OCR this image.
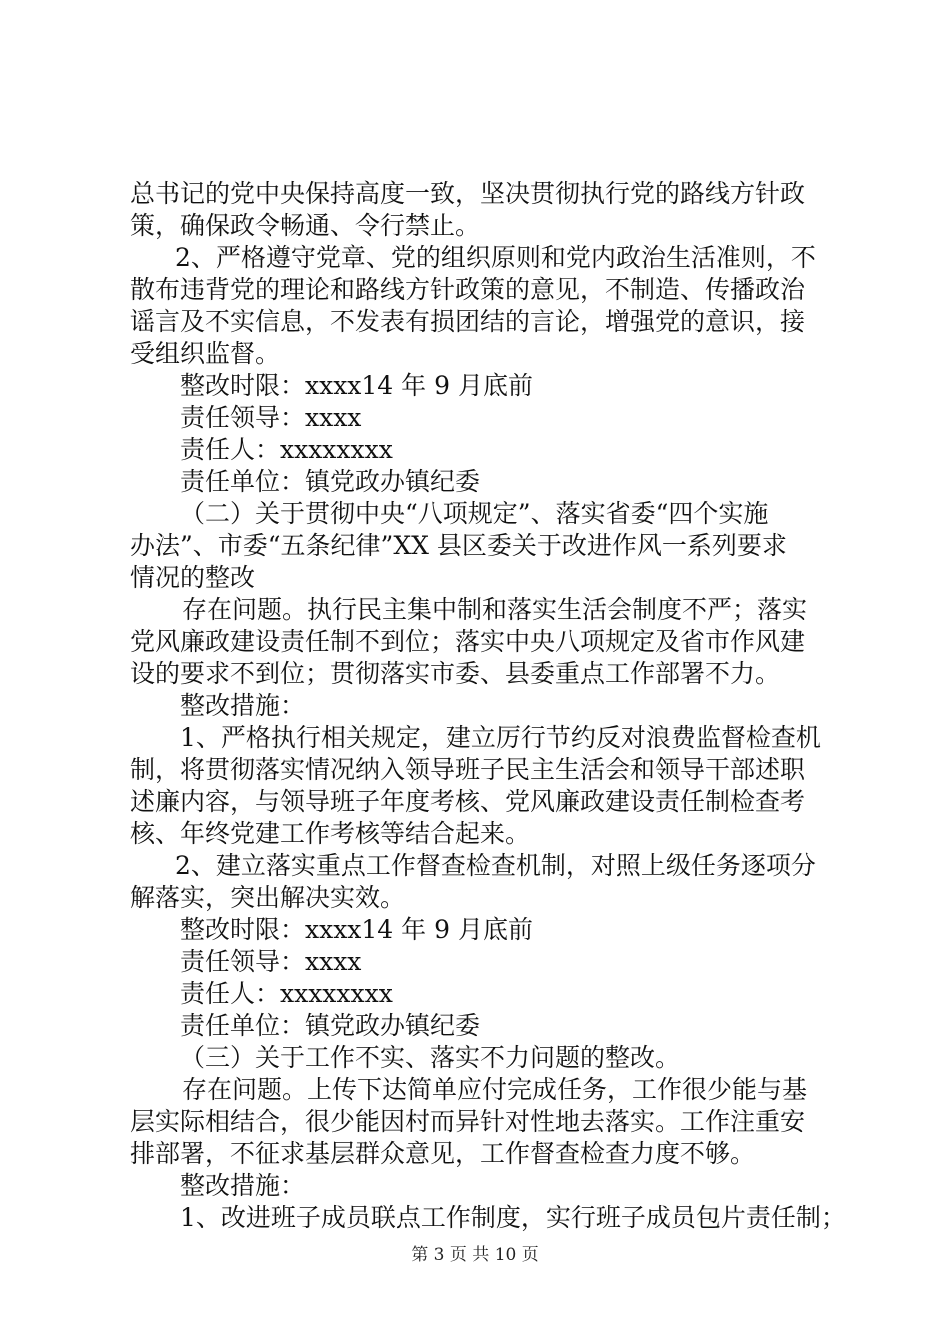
总书记的党中央保持高度一致，坚决贯彻执行党的路线方针政
策，确保政令畅通、令行禁止。
2、严格遵守党章、党的组织原则和党内政治生活准则，不
散布违背党的理论和路线方针政策的意见，不制造、传播政治
谣言及不实信息，不发表有损团结的言论，增强党的意识，接
受组织监督。
整改时限：xxxx14 年 9 月底前
责任领导：xxxx
责任人：xxxxxxxx
责任单位：镇党政办镇纪委
（二）关于贯彻中央“八项规定”、落实省委“四个实施
办法”、市委“五条纪律”XX 县区委关于改进作风一系列要求
情况的整改
存在问题。执行民主集中制和落实生活会制度不严；落实
党风廉政建设责任制不到位；落实中央八项规定及省市作风建
设的要求不到位；贯彻落实市委、县委重点工作部署不力。
整改措施：
1、严格执行相关规定，建立厉行节约反对浪费监督检查机
制，将贯彻落实情况纳入领导班子民主生活会和领导干部述职
述廉内容，与领导班子年度考核、党风廉政建设责任制检查考
核、年终党建工作考核等结合起来。
2、建立落实重点工作督查检查机制，对照上级任务逐项分
解落实，突出解决实效。
整改时限：xxxx14 年 9 月底前
责任领导：xxxx
责任人：xxxxxxxx
责任单位：镇党政办镇纪委
（三）关于工作不实、落实不力问题的整改。
存在问题。上传下达简单应付完成任务，工作很少能与基
层实际相结合，很少能因村而异针对性地去落实。工作注重安
排部署，不征求基层群众意见，工作督查检查力度不够。
整改措施：
1、改进班子成员联点工作制度，实行班子成员包片责任制；
第 3 页 共 10 页
